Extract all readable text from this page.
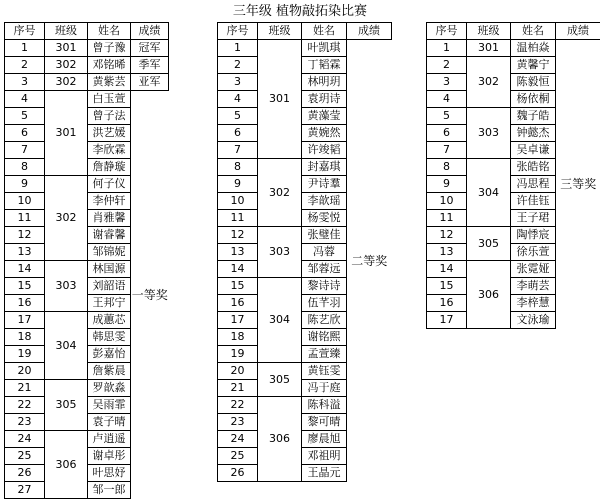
三年级 植物敲拓染比赛
序号	班级	姓名	成绩
1	301	曾子豫	冠军
2	302	邓铭晞	季军
3	302	黄紫芸	亚军
4	301	白玉萱	一等奖
5		曾子法	
6		洪艺媛	
7		李欣霖	
8		詹静璇	
9	302	何子仪	
10		李仲轩	
11		肖雅馨	
12		谢睿馨	
13		邹锦妮	
14	303	林国源	
15		刘韶语	
16		王邦宁	
17	304	成蕙芯	
18		韩思雯	
19		彭嘉怡	
20		詹紫晨	
21	305	罗歆淼	
22		吴雨霏	
23		袁子晴	
24	306	卢逍遥	
25		谢卓彤	
26		叶思妤	
27		邹一郎	
序号	班级	姓名	成绩
1	301	叶凯琪	二等奖
2		丁韬霖	
3		林明玥	
4		袁玥诗	
5		黄藻莹	
6		黄婉然	
7		许竣韬	
8	302	封嘉琪	
9		尹诗羣	
10		李歆瑶	
11		杨雯悦	
12	303	张璧佳	
13		冯蓉	
14		邹蓉远	
15	304	黎诗诗	
16		伍芊羽	
17		陈艺欣	
18		谢铭熙	
19		孟萱臻	
20	305	黄钰雯	
21		冯于庭	
22	306	陈科溢	
23		黎可晴	
24		廖晨旭	
25		邓祖明	
26		王晶元	
序号	班级	姓名	成绩
1	301	温柏焱	三等奖
2	302	黄馨宁	
3		陈毅恒	
4		杨依桐	
5	303	魏子皓	
6		钟懿杰	
7		吴卓谦	
8	304	张皓铭	
9		冯思程	
10		许佳钰	
11		王子珺	
12	305	陶悸宸	
13		徐乐萱	
14	306	张霓娅	
15		李萌芸	
16		李梓慧	
17		文泳瑜	
